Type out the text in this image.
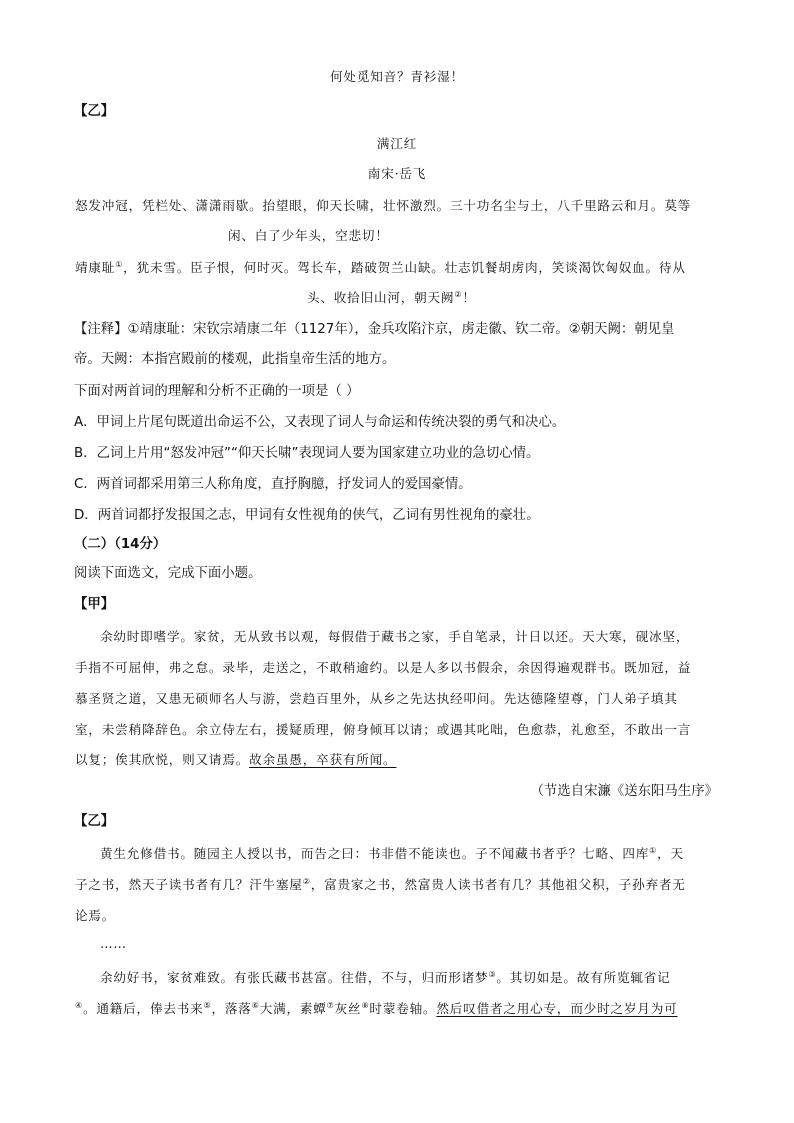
何处觅知音？青衫湿！
【乙】
满江红
南宋·岳飞
怒发冲冠，凭栏处、潇潇雨歇。抬望眼，仰天长啸，壮怀激烈。三十功名尘与土，八千里路云和月。莫等
闲、白了少年头，空悲切！
靖康耻①，犹未雪。臣子恨，何时灭。驾长车，踏破贺兰山缺。壮志饥餐胡虏肉，笑谈渴饮匈奴血。待从
头、收拾旧山河，朝天阙②！
【注释】①靖康耻：宋钦宗靖康二年（1127年），金兵攻陷汴京，虏走徽、钦二帝。②朝天阙：朝见皇
帝。天阙：本指宫殿前的楼观，此指皇帝生活的地方。
下面对两首词的理解和分析不正确的一项是（ ）
A．甲词上片尾句既道出命运不公，又表现了词人与命运和传统决裂的勇气和决心。
B．乙词上片用“怒发冲冠”“仰天长啸”表现词人要为国家建立功业的急切心情。
C．两首词都采用第三人称角度，直抒胸臆，抒发词人的爱国豪情。
D．两首词都抒发报国之志，甲词有女性视角的侠气，乙词有男性视角的豪壮。
（二）（14分）
阅读下面选文，完成下面小题。
【甲】
余幼时即嗜学。家贫，无从致书以观，每假借于藏书之家，手自笔录，计日以还。天大寒，砚冰坚，
手指不可屈伸，弗之怠。录毕，走送之，不敢稍逾约。以是人多以书假余，余因得遍观群书。既加冠，益
慕圣贤之道，又患无硕师名人与游，尝趋百里外，从乡之先达执经叩问。先达德隆望尊，门人弟子填其
室，未尝稍降辞色。余立侍左右，援疑质理，俯身倾耳以请；或遇其叱咄，色愈恭，礼愈至，不敢出一言
以复；俟其欣悦，则又请焉。故余虽愚，卒获有所闻。
（节选自宋濂《送东阳马生序》
【乙】
黄生允修借书。随园主人授以书，而告之曰：书非借不能读也。子不闻藏书者乎？七略、四库①，天
子之书，然天子读书者有几？汗牛塞屋②，富贵家之书，然富贵人读书者有几？其他祖父积，子孙弃者无
论焉。
……
余幼好书，家贫难致。有张氏藏书甚富。往借，不与，归而形诸梦③。其切如是。故有所览辄省记
④。通籍后，俸去书来⑤，落落⑥大满，素蟫⑦灰丝⑧时蒙卷轴。然后叹借者之用心专，而少时之岁月为可
